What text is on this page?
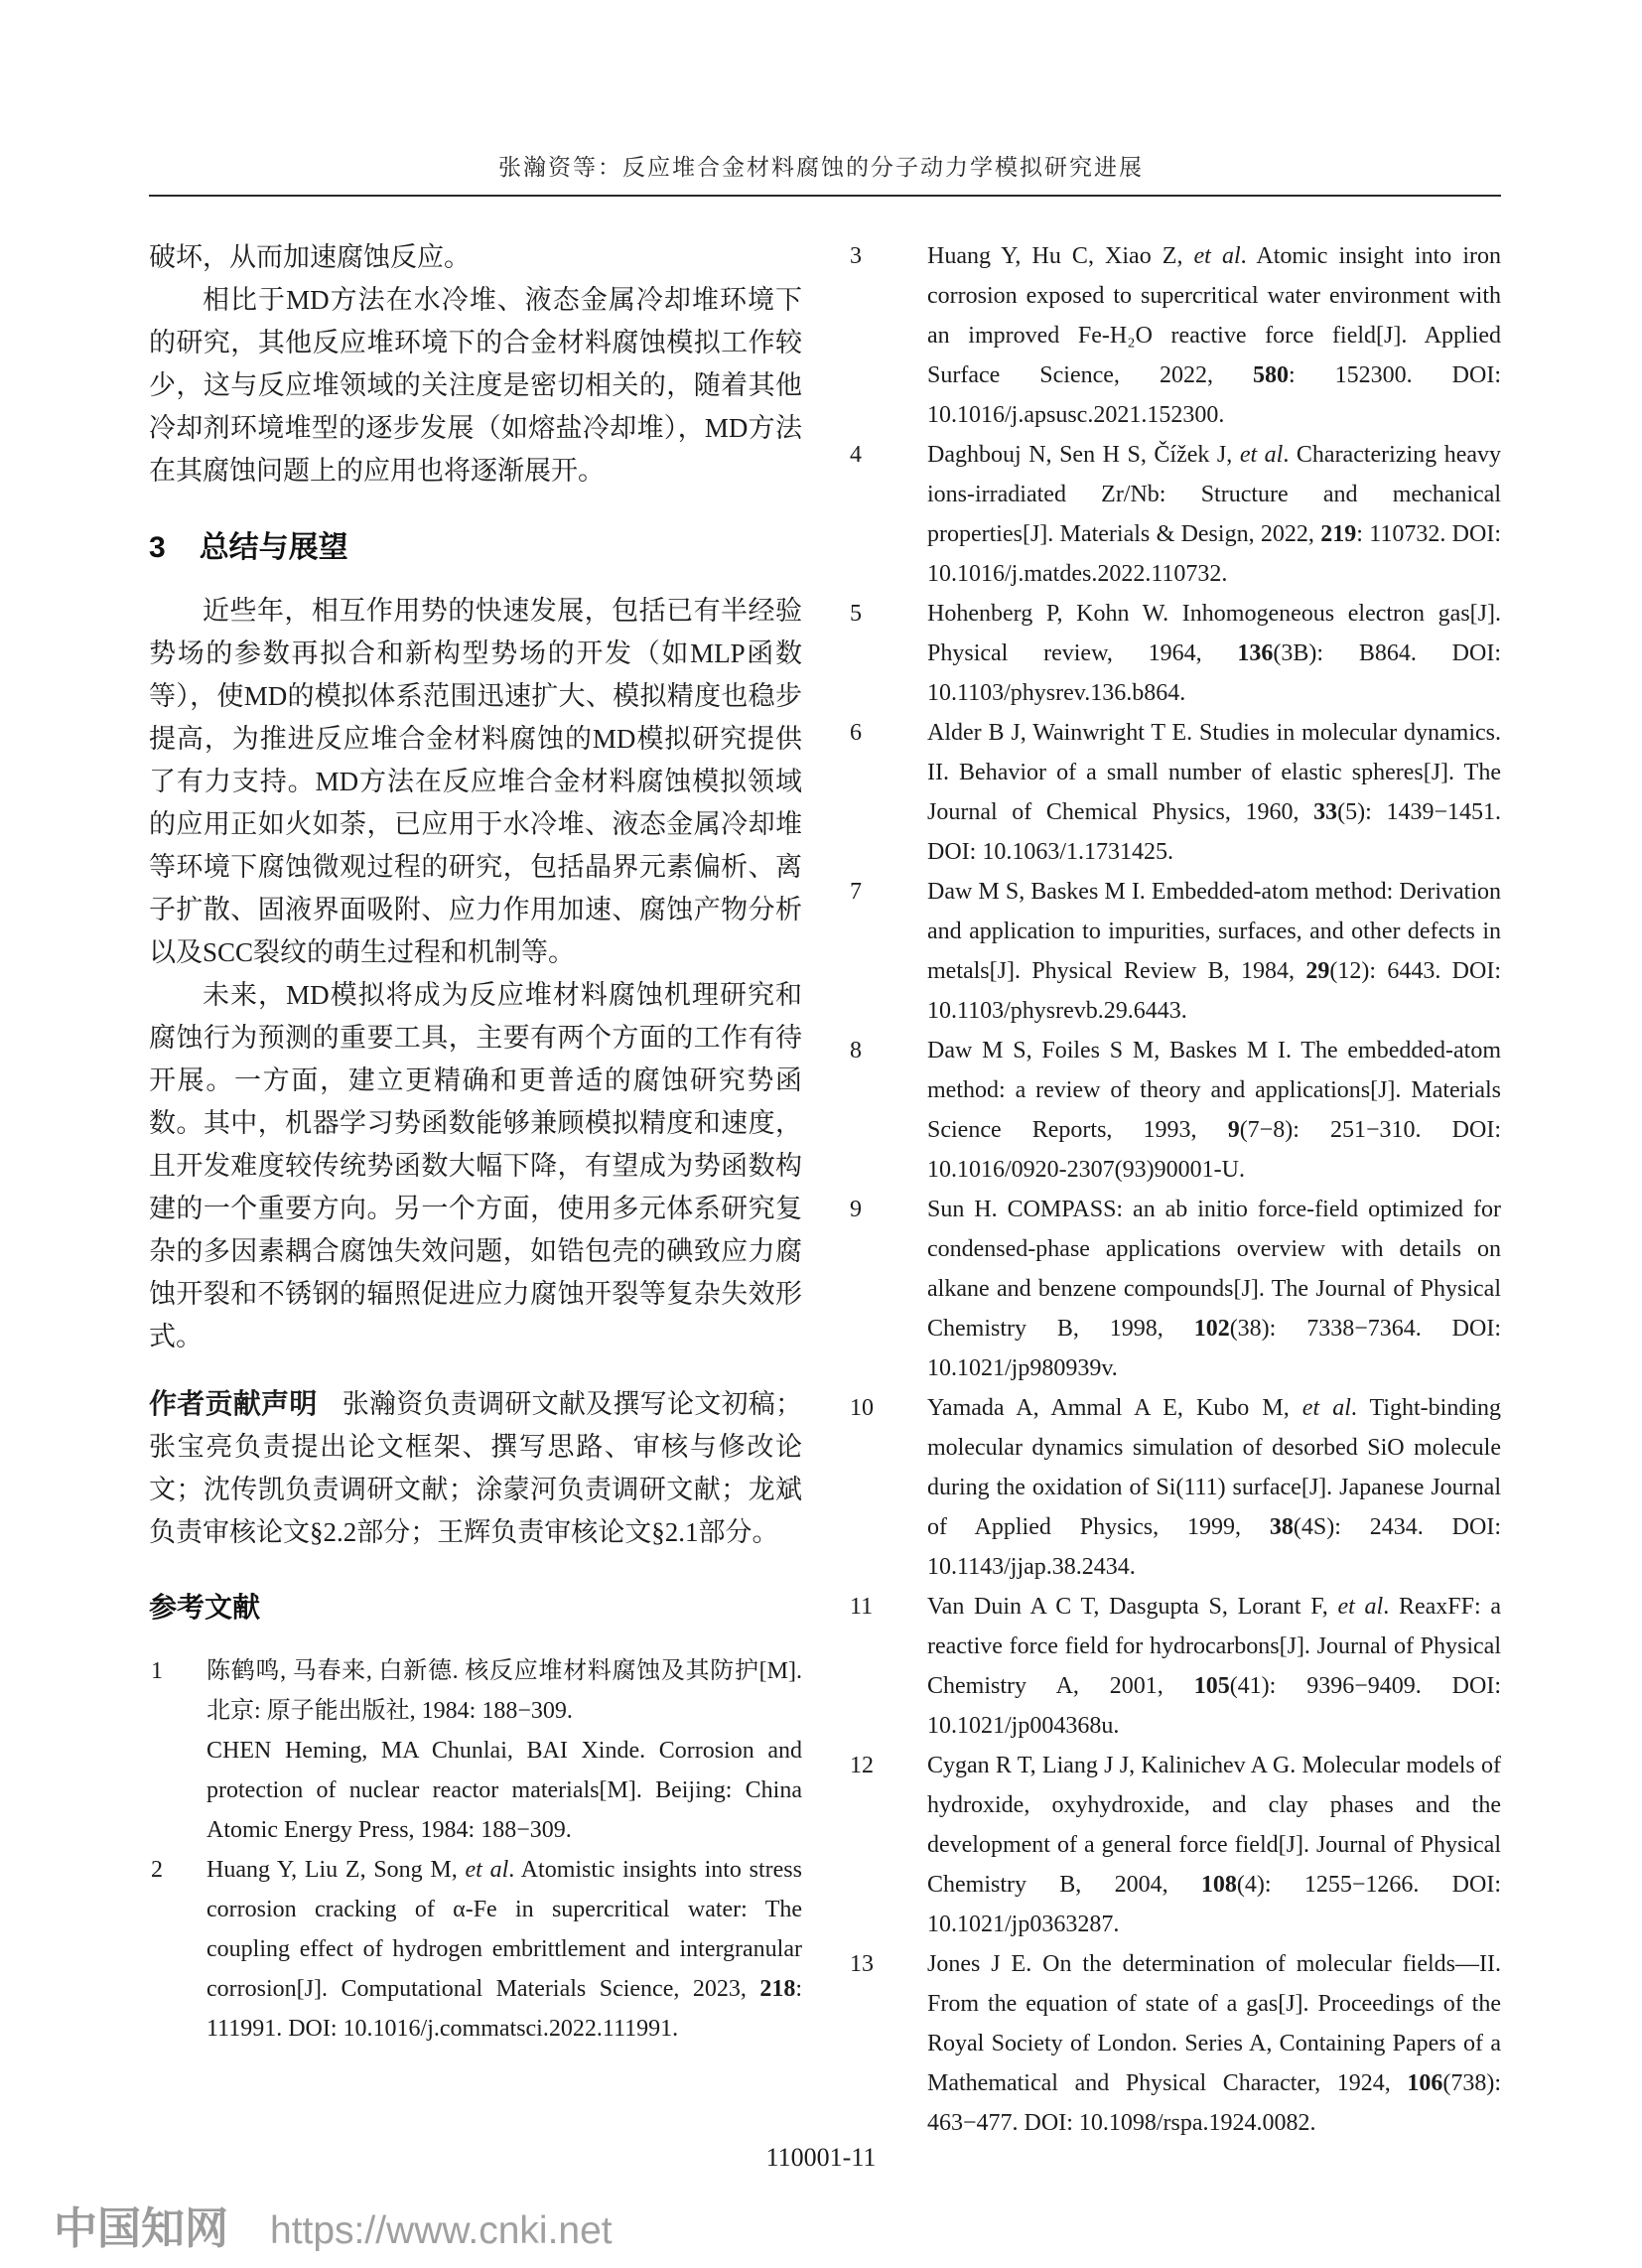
张瀚资等：反应堆合金材料腐蚀的分子动力学模拟研究进展

破坏，从而加速腐蚀反应。

相比于MD方法在水冷堆、液态金属冷却堆环境下的研究，其他反应堆环境下的合金材料腐蚀模拟工作较少，这与反应堆领域的关注度是密切相关的，随着其他冷却剂环境堆型的逐步发展（如熔盐冷却堆），MD方法在其腐蚀问题上的应用也将逐渐展开。

3 总结与展望

近些年，相互作用势的快速发展，包括已有半经验势场的参数再拟合和新构型势场的开发（如MLP函数等），使MD的模拟体系范围迅速扩大、模拟精度也稳步提高，为推进反应堆合金材料腐蚀的MD模拟研究提供了有力支持。MD方法在反应堆合金材料腐蚀模拟领域的应用正如火如荼，已应用于水冷堆、液态金属冷却堆等环境下腐蚀微观过程的研究，包括晶界元素偏析、离子扩散、固液界面吸附、应力作用加速、腐蚀产物分析以及SCC裂纹的萌生过程和机制等。

未来，MD模拟将成为反应堆材料腐蚀机理研究和腐蚀行为预测的重要工具，主要有两个方面的工作有待开展。一方面，建立更精确和更普适的腐蚀研究势函数。其中，机器学习势函数能够兼顾模拟精度和速度，且开发难度较传统势函数大幅下降，有望成为势函数构建的一个重要方向。另一个方面，使用多元体系研究复杂的多因素耦合腐蚀失效问题，如锆包壳的碘致应力腐蚀开裂和不锈钢的辐照促进应力腐蚀开裂等复杂失效形式。

作者贡献声明 张瀚资负责调研文献及撰写论文初稿；张宝亮负责提出论文框架、撰写思路、审核与修改论文；沈传凯负责调研文献；涂蒙河负责调研文献；龙斌负责审核论文§2.2部分；王辉负责审核论文§2.1部分。

参考文献
1 陈鹤鸣, 马春来, 白新德. 核反应堆材料腐蚀及其防护[M]. 北京: 原子能出版社, 1984: 188−309.
CHEN Heming, MA Chunlai, BAI Xinde. Corrosion and protection of nuclear reactor materials[M]. Beijing: China Atomic Energy Press, 1984: 188−309.
2 Huang Y, Liu Z, Song M, et al. Atomistic insights into stress corrosion cracking of α-Fe in supercritical water: The coupling effect of hydrogen embrittlement and intergranular corrosion[J]. Computational Materials Science, 2023, 218: 111991. DOI: 10.1016/j.commatsci.2022.111991.
3	Huang Y, Hu C, Xiao Z, et al. Atomic insight into iron corrosion exposed to supercritical water environment with an improved Fe-H₂O reactive force field[J]. Applied Surface Science, 2022, 580: 152300. DOI: 10.1016/j.apsusc.2021.152300.
4	Daghbouj N, Sen H S, Čížek J, et al. Characterizing heavy ions-irradiated Zr/Nb: Structure and mechanical properties[J]. Materials & Design, 2022, 219: 110732. DOI: 10.1016/j.matdes.2022.110732.
5	Hohenberg P, Kohn W. Inhomogeneous electron gas[J]. Physical review, 1964, 136(3B): B864. DOI: 10.1103/physrev.136.b864.
6	Alder B J, Wainwright T E. Studies in molecular dynamics. II. Behavior of a small number of elastic spheres[J]. The Journal of Chemical Physics, 1960, 33(5): 1439−1451. DOI: 10.1063/1.1731425.
7	Daw M S, Baskes M I. Embedded-atom method: Derivation and application to impurities, surfaces, and other defects in metals[J]. Physical Review B, 1984, 29(12): 6443. DOI: 10.1103/physrevb.29.6443.
8	Daw M S, Foiles S M, Baskes M I. The embedded-atom method: a review of theory and applications[J]. Materials Science Reports, 1993, 9(7−8): 251−310. DOI: 10.1016/0920-2307(93)90001-U.
9	Sun H. COMPASS: an ab initio force-field optimized for condensed-phase applications overview with details on alkane and benzene compounds[J]. The Journal of Physical Chemistry B, 1998, 102(38): 7338−7364. DOI: 10.1021/jp980939v.
10 Yamada A, Ammal A E, Kubo M, et al. Tight-binding molecular dynamics simulation of desorbed SiO molecule during the oxidation of Si(111) surface[J]. Japanese Journal of Applied Physics, 1999, 38(4S): 2434. DOI: 10.1143/jjap.38.2434.
11 Van Duin A C T, Dasgupta S, Lorant F, et al. ReaxFF: a reactive force field for hydrocarbons[J]. Journal of Physical Chemistry A, 2001, 105(41): 9396−9409. DOI: 10.1021/jp004368u.
12 Cygan R T, Liang J J, Kalinichev A G. Molecular models of hydroxide, oxyhydroxide, and clay phases and the development of a general force field[J]. Journal of Physical Chemistry B, 2004, 108(4): 1255−1266. DOI: 10.1021/jp0363287.
13 Jones J E. On the determination of molecular fields—II. From the equation of state of a gas[J]. Proceedings of the Royal Society of London. Series A, Containing Papers of a Mathematical and Physical Character, 1924, 106(738): 463−477. DOI: 10.1098/rspa.1924.0082.
110001-11
中国知网 https://www.cnki.net
